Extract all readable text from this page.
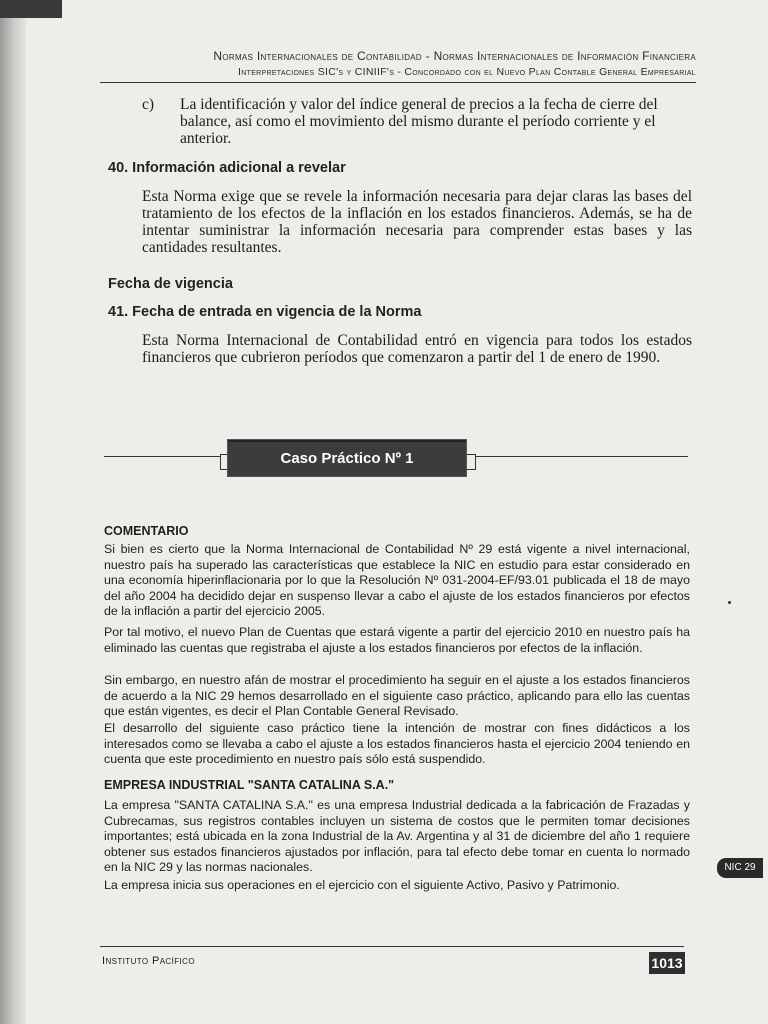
Normas Internacionales de Contabilidad - Normas Internacionales de Información Financiera
Interpretaciones SIC's y CINIIF's - Concordado con el Nuevo Plan Contable General Empresarial
c) La identificación y valor del índice general de precios a la fecha de cierre del balance, así como el movimiento del mismo durante el período corriente y el anterior.
40. Información adicional a revelar
Esta Norma exige que se revele la información necesaria para dejar claras las bases del tratamiento de los efectos de la inflación en los estados financieros. Además, se ha de intentar suministrar la información necesaria para comprender estas bases y las cantidades resultantes.
Fecha de vigencia
41. Fecha de entrada en vigencia de la Norma
Esta Norma Internacional de Contabilidad entró en vigencia para todos los estados financieros que cubrieron períodos que comenzaron a partir del 1 de enero de 1990.
Caso Práctico Nº 1
COMENTARIO
Si bien es cierto que la Norma Internacional de Contabilidad Nº 29 está vigente a nivel internacional, nuestro país ha superado las características que establece la NIC en estudio para estar considerado en una economía hiperinflacionaria por lo que la Resolución Nº 031-2004-EF/93.01 publicada el 18 de mayo del año 2004 ha decidido dejar en suspenso llevar a cabo el ajuste de los estados financieros por efectos de la inflación a partir del ejercicio 2005.
Por tal motivo, el nuevo Plan de Cuentas que estará vigente a partir del ejercicio 2010 en nuestro país ha eliminado las cuentas que registraba el ajuste a los estados financieros por efectos de la inflación.
Sin embargo, en nuestro afán de mostrar el procedimiento ha seguir en el ajuste a los estados financieros de acuerdo a la NIC 29 hemos desarrollado en el siguiente caso práctico, aplicando para ello las cuentas que están vigentes, es decir el Plan Contable General Revisado.
El desarrollo del siguiente caso práctico tiene la intención de mostrar con fines didácticos a los interesados como se llevaba a cabo el ajuste a los estados financieros hasta el ejercicio 2004 teniendo en cuenta que este procedimiento en nuestro país sólo está suspendido.
EMPRESA INDUSTRIAL "SANTA CATALINA S.A."
La empresa "SANTA CATALINA S.A." es una empresa Industrial dedicada a la fabricación de Frazadas y Cubrecamas, sus registros contables incluyen un sistema de costos que le permiten tomar decisiones importantes; está ubicada en la zona Industrial de la Av. Argentina y al 31 de diciembre del año 1 requiere obtener sus estados financieros ajustados por inflación, para tal efecto debe tomar en cuenta lo normado en la NIC 29 y las normas nacionales.
La empresa inicia sus operaciones en el ejercicio con el siguiente Activo, Pasivo y Patrimonio.
NIC 29
Instituto Pacífico	1013
